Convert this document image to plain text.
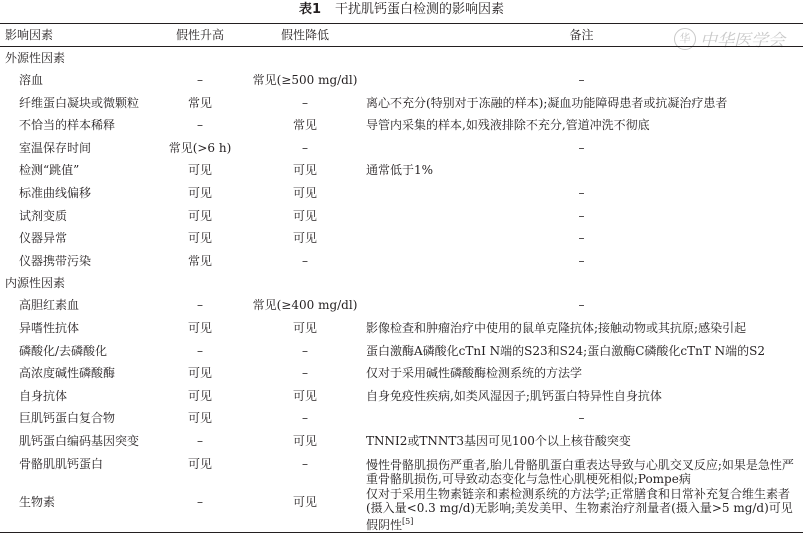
表1 干扰肌钙蛋白检测的影响因素
华 中华医学会
影响因素	假性升高	假性降低	备注
外源性因素			
溶血	–	常见(≥500 mg/dl)	–
纤维蛋白凝块或微颗粒	常见	–	离心不充分(特别对于冻融的样本);凝血功能障碍患者或抗凝治疗患者
不恰当的样本稀释	–	常见	导管内采集的样本,如残液排除不充分,管道冲洗不彻底
室温保存时间	常见(>6 h)	–	–
检测“跳值”	可见	可见	通常低于1%
标准曲线偏移	可见	可见	–
试剂变质	可见	可见	–
仪器异常	可见	可见	–
仪器携带污染	常见	–	–
内源性因素			
高胆红素血	–	常见(≥400 mg/dl)	–
异嗜性抗体	可见	可见	影像检查和肿瘤治疗中使用的鼠单克隆抗体;接触动物或其抗原;感染引起
磷酸化/去磷酸化	–	–	蛋白激酶A磷酸化cTnI N端的S23和S24;蛋白激酶C磷酸化cTnT N端的S2
高浓度碱性磷酸酶	可见	–	仅对于采用碱性磷酸酶检测系统的方法学
自身抗体	可见	可见	自身免疫性疾病,如类风湿因子;肌钙蛋白特异性自身抗体
巨肌钙蛋白复合物	可见	–	–
肌钙蛋白编码基因突变	–	可见	TNNI2或TNNT3基因可见100个以上核苷酸突变
骨骼肌肌钙蛋白	可见	–	慢性骨骼肌损伤严重者,胎儿骨骼肌蛋白重表达导致与心肌交叉反应;如果是急性严重骨骼肌损伤,可导致动态变化与急性心肌梗死相似;Pompe病
生物素	–	可见	仅对于采用生物素链亲和素检测系统的方法学;正常膳食和日常补充复合维生素者(摄入量<0.3 mg/d)无影响;美发美甲、生物素治疗剂量者(摄入量>5 mg/d)可见假阴性[5]
